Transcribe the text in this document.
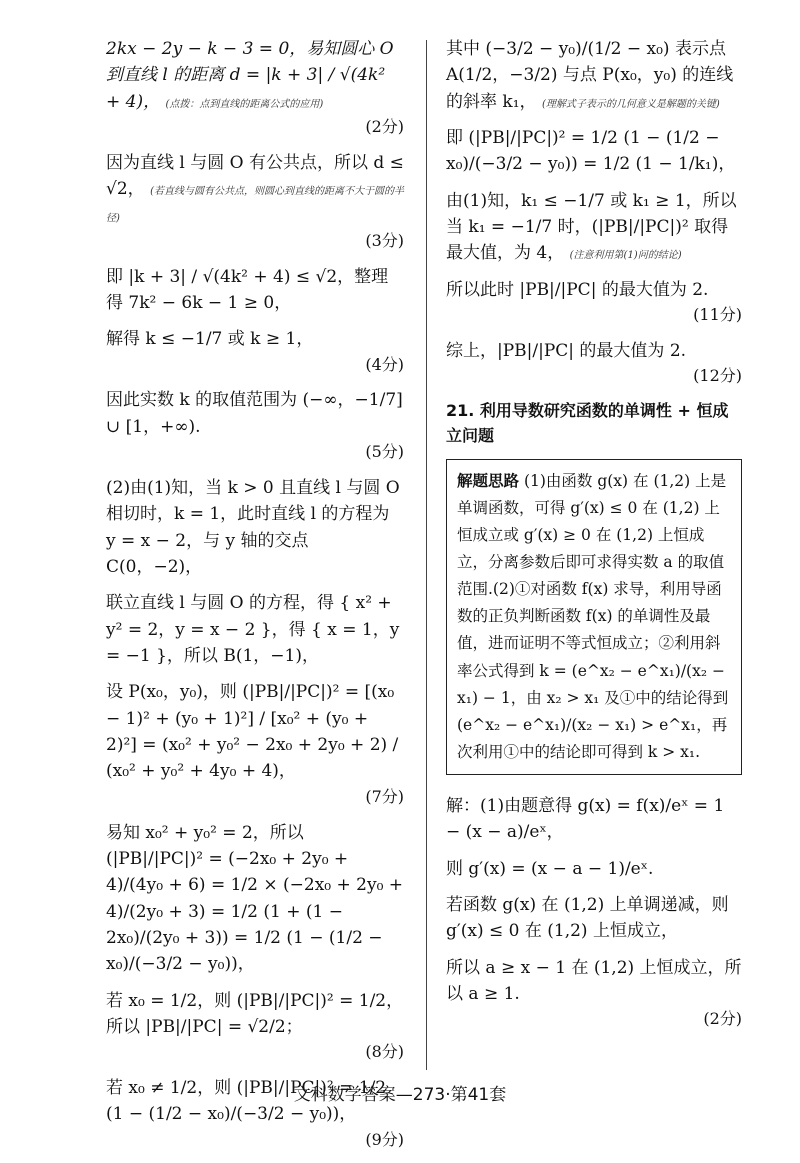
2kx − 2y − k − 3 = 0，易知圆心 O 到直线 l 的距离 d = |k + 3| / √(4k² + 4)， (点拨：点到直线的距离公式的应用)
(2分)

因为直线 l 与圆 O 有公共点，所以 d ≤ √2， (若直线与圆有公共点，则圆心到直线的距离不大于圆的半径)
(3分)

即 |k + 3| / √(4k² + 4) ≤ √2，整理得 7k² − 6k − 1 ≥ 0，

解得 k ≤ −1/7 或 k ≥ 1，
(4分)

因此实数 k 的取值范围为 (−∞，−1/7] ∪ [1，+∞).
(5分)

(2)由(1)知，当 k > 0 且直线 l 与圆 O 相切时，k = 1，此时直线 l 的方程为 y = x − 2，与 y 轴的交点 C(0，−2)，

联立直线 l 与圆 O 的方程，得 { x² + y² = 2，y = x − 2 }，得 { x = 1，y = −1 }，所以 B(1，−1)，

设 P(x₀，y₀)，则 (|PB|/|PC|)² = [(x₀ − 1)² + (y₀ + 1)²] / [x₀² + (y₀ + 2)²] = (x₀² + y₀² − 2x₀ + 2y₀ + 2) / (x₀² + y₀² + 4y₀ + 4)，
(7分)

易知 x₀² + y₀² = 2，所以 (|PB|/|PC|)² = (−2x₀ + 2y₀ + 4)/(4y₀ + 6) = 1/2 × (−2x₀ + 2y₀ + 4)/(2y₀ + 3) = 1/2 (1 + (1 − 2x₀)/(2y₀ + 3)) = 1/2 (1 − (1/2 − x₀)/(−3/2 − y₀))，

若 x₀ = 1/2，则 (|PB|/|PC|)² = 1/2，所以 |PB|/|PC| = √2/2；
(8分)

若 x₀ ≠ 1/2，则 (|PB|/|PC|)² = 1/2 (1 − (1/2 − x₀)/(−3/2 − y₀))，
(9分)

其中 (−3/2 − y₀)/(1/2 − x₀) 表示点 A(1/2，−3/2) 与点 P(x₀，y₀) 的连线的斜率 k₁， (理解式子表示的几何意义是解题的关键)

即 (|PB|/|PC|)² = 1/2 (1 − (1/2 − x₀)/(−3/2 − y₀)) = 1/2 (1 − 1/k₁)，

由(1)知，k₁ ≤ −1/7 或 k₁ ≥ 1，所以当 k₁ = −1/7 时，(|PB|/|PC|)² 取得最大值，为 4， (注意利用第(1)问的结论)

所以此时 |PB|/|PC| 的最大值为 2.
(11分)

综上，|PB|/|PC| 的最大值为 2.
(12分)

21. 利用导数研究函数的单调性 + 恒成立问题
解题思路 (1)由函数 g(x) 在 (1,2) 上是单调函数，可得 g′(x) ≤ 0 在 (1,2) 上恒成立或 g′(x) ≥ 0 在 (1,2) 上恒成立，分离参数后即可求得实数 a 的取值范围.(2)①对函数 f(x) 求导，利用导函数的正负判断函数 f(x) 的单调性及最值，进而证明不等式恒成立；②利用斜率公式得到 k = (e^x₂ − e^x₁)/(x₂ − x₁) − 1，由 x₂ > x₁ 及①中的结论得到 (e^x₂ − e^x₁)/(x₂ − x₁) > e^x₁，再次利用①中的结论即可得到 k > x₁.

解：(1)由题意得 g(x) = f(x)/eˣ = 1 − (x − a)/eˣ，

则 g′(x) = (x − a − 1)/eˣ.

若函数 g(x) 在 (1,2) 上单调递减，则 g′(x) ≤ 0 在 (1,2) 上恒成立，

所以 a ≥ x − 1 在 (1,2) 上恒成立，所以 a ≥ 1.
(2分)

文科数学答案—273·第41套
